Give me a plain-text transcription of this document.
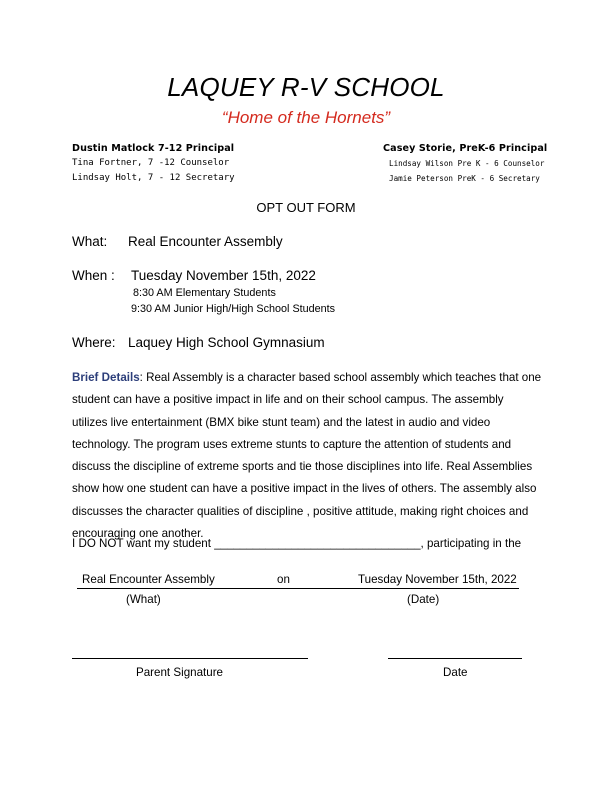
LAQUEY R-V SCHOOL
“Home of the Hornets”
Dustin Matlock 7-12 Principal
Tina Fortner, 7 -12 Counselor
Lindsay Holt, 7 - 12 Secretary
Casey Storie, PreK-6 Principal
Lindsay Wilson Pre K - 6 Counselor
Jamie Peterson PreK - 6 Secretary
OPT OUT FORM
What: Real Encounter Assembly
When : Tuesday November 15th, 2022
8:30 AM Elementary Students
9:30 AM Junior High/High School Students
Where: Laquey High School Gymnasium

Brief Details: Real Assembly is a character based school assembly which teaches that one student can have a positive impact in life and on their school campus. The assembly utilizes live entertainment (BMX bike stunt team) and the latest in audio and video technology. The program uses extreme stunts to capture the attention of students and discuss the discipline of extreme sports and tie those disciplines into life. Real Assemblies show how one student can have a positive impact in the lives of others. The assembly also discusses the character qualities of discipline , positive attitude, making right choices and encouraging one another.

I DO NOT want my student ________________________________, participating in the
Real Encounter Assembly	on	Tuesday November 15th, 2022
(What)	(Date)
Parent Signature	Date
